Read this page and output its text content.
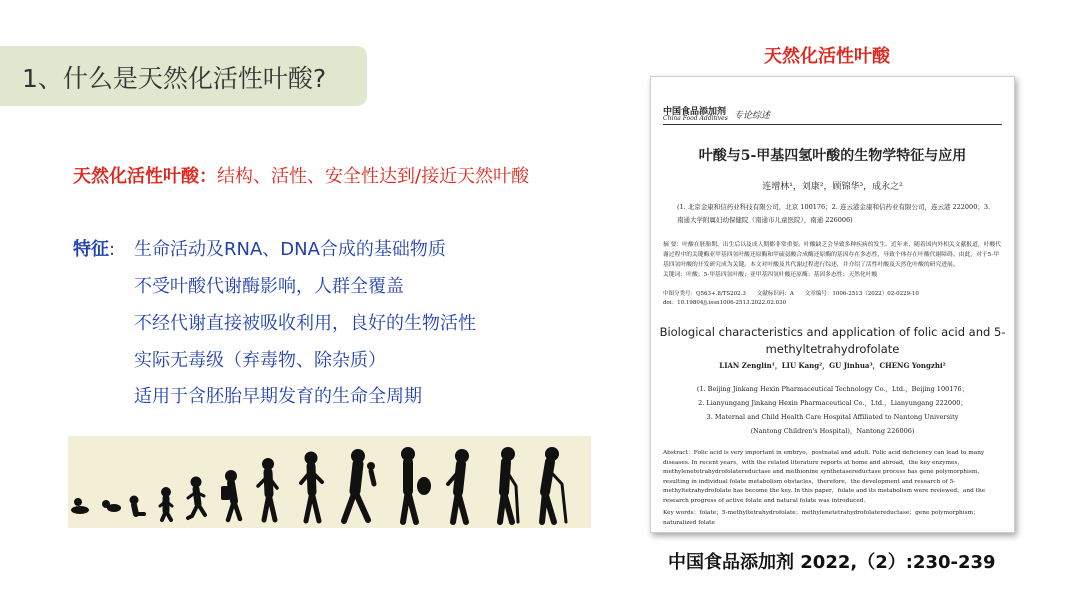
1、什么是天然化活性叶酸?
天然化活性叶酸：结构、活性、安全性达到/接近天然叶酸
特征: 生命活动及RNA、DNA合成的基础物质
不受叶酸代谢酶影响，人群全覆盖
不经代谢直接被吸收利用，良好的生物活性
实际无毒级（弃毒物、除杂质）
适用于含胚胎早期发育的生命全周期
天然化活性叶酸
中国食品添加剂
China Food Additives 专论综述
叶酸与5-甲基四氢叶酸的生物学特征与应用
连增林¹，刘康²，顾锦华³，成永之²
(1. 北京金康和信药业科技有限公司，北京 100176；2. 连云港金康和信药业有限公司，连云港 222000；3. 南通大学附属妇幼保健院（南通市儿童医院），南通 226006)
摘 要：叶酸在胚胎期、出生后以及成人期都非常重要。叶酸缺乏会导致多种疾病的发生。近年来，随着国内外相关文献报道，叶酸代谢过程中的关键酶亚甲基四氢叶酸还原酶和甲硫氨酸合成酶还原酶的基因存在多态性，导致个体存在叶酸代谢障碍。由此，对于5-甲基四氢叶酸的开发研究成为关键。本文对叶酸及其代谢过程进行综述，并介绍了活性叶酸及天然化叶酸的研究进展。
关键词：叶酸；5-甲基四氢叶酸；亚甲基四氢叶酸还原酶；基因多态性；天然化叶酸
中图分类号：Q563+.8/TS202.3　　文献标识码：A　　文章编号：1006-2513（2022）02-0229-10
doi：10.19804/j.issn1006-2513.2022.02.030
Biological characteristics and application of folic acid and 5-methyltetrahydrofolate
LIAN Zenglin¹，LIU Kang²，GU Jinhua³，CHENG Yongzhi²
(1. Beijing Jinkang Hexin Pharmaceutical Technology Co.，Ltd.，Beijing 100176；
2. Lianyungang Jinkang Hexin Pharmaceutical Co.，Ltd.，Lianyungang 222000；
3. Maternal and Child Health Care Hospital Affiliated to Nantong University
(Nantong Children's Hospital)，Nantong 226006)
Abstract：Folic acid is very important in embryo，postnatal and adult. Folic acid deficiency can lead to many diseases. In recent years，with the related literature reports at home and abroad，the key enzymes，methylenetetrahydrofolatereductase and methionine synthetasereductase process has gene polymorphism，resulting in individual folate metabolism obstacles，therefore，the development and research of 5-methyltetrahydrofolate has become the key. In this paper，folate and its metabolism were reviewed，and the research progress of active folate and natural folate was introduced.
Key words：folate；5-methyltetrahydrofolate；methylenetetrahydrofolatereductase；gene polymorphism；naturalized folate
中国食品添加剂 2022,（2）:230-239
